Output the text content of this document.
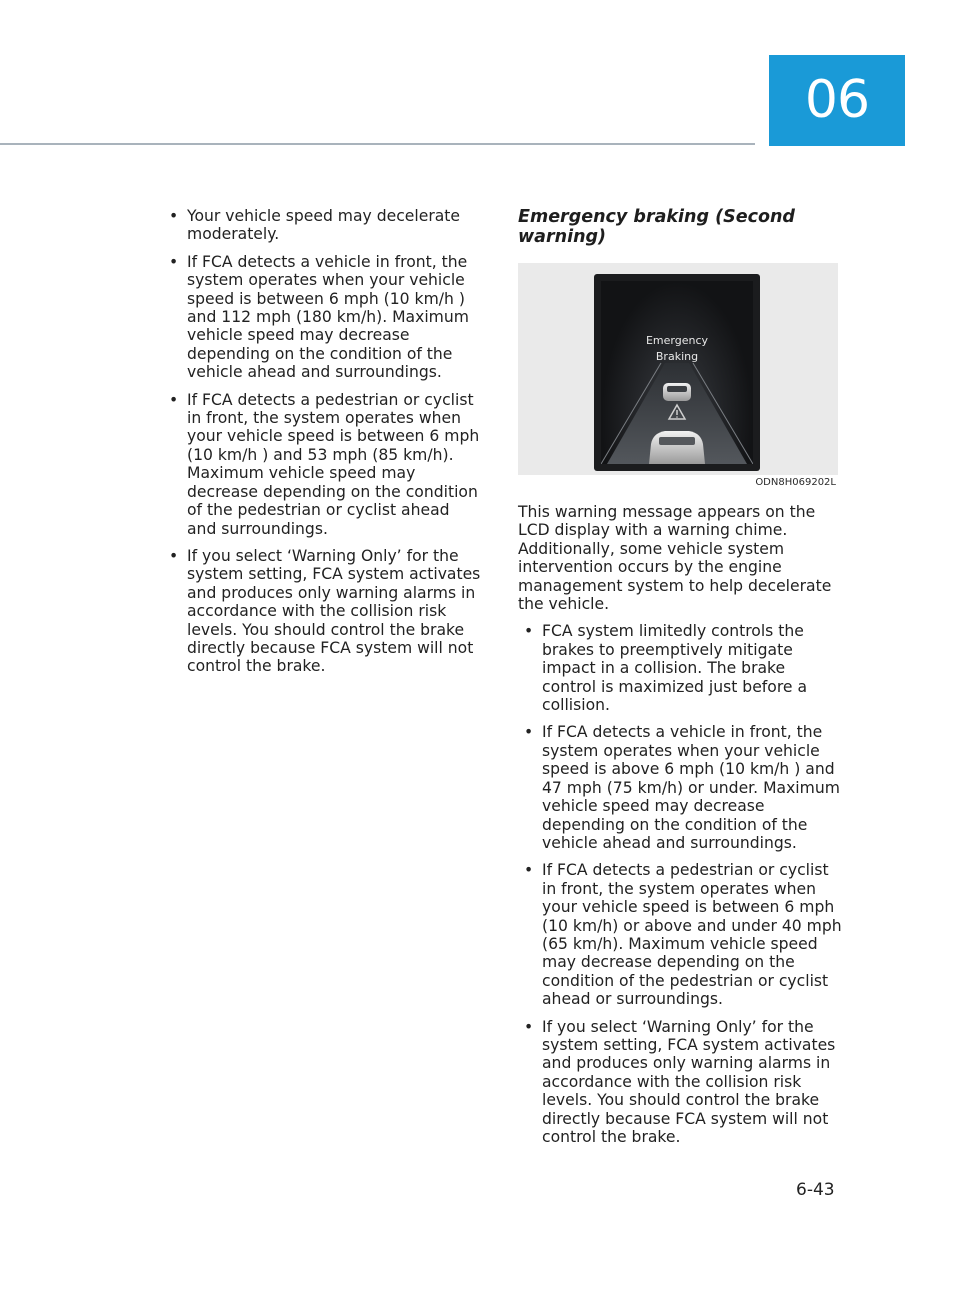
06
• Your vehicle speed may decelerate moderately.
• If FCA detects a vehicle in front, the system operates when your vehicle speed is between 6 mph (10 km/h ) and 112 mph (180 km/h). Maximum vehicle speed may decrease depending on the condition of the vehicle ahead and surroundings.
• If FCA detects a pedestrian or cyclist in front, the system operates when your vehicle speed is between 6 mph (10 km/h ) and 53 mph (85 km/h). Maximum vehicle speed may decrease depending on the condition of the pedestrian or cyclist ahead and surroundings.
• If you select ‘Warning Only’ for the system setting, FCA system activates and produces only warning alarms in accordance with the collision risk levels. You should control the brake directly because FCA system will not control the brake.
Emergency braking (Second warning)
Emergency
Braking
ODN8H069202L

This warning message appears on the LCD display with a warning chime. Additionally, some vehicle system intervention occurs by the engine management system to help decelerate the vehicle.

• FCA system limitedly controls the brakes to preemptively mitigate impact in a collision. The brake control is maximized just before a collision.
• If FCA detects a vehicle in front, the system operates when your vehicle speed is above 6 mph (10 km/h ) and 47 mph (75 km/h) or under. Maximum vehicle speed may decrease depending on the condition of the vehicle ahead and surroundings.
• If FCA detects a pedestrian or cyclist in front, the system operates when your vehicle speed is between 6 mph (10 km/h) or above and under 40 mph (65 km/h). Maximum vehicle speed may decrease depending on the condition of the pedestrian or cyclist ahead or surroundings.
• If you select ‘Warning Only’ for the system setting, FCA system activates and produces only warning alarms in accordance with the collision risk levels. You should control the brake directly because FCA system will not control the brake.
6-43
